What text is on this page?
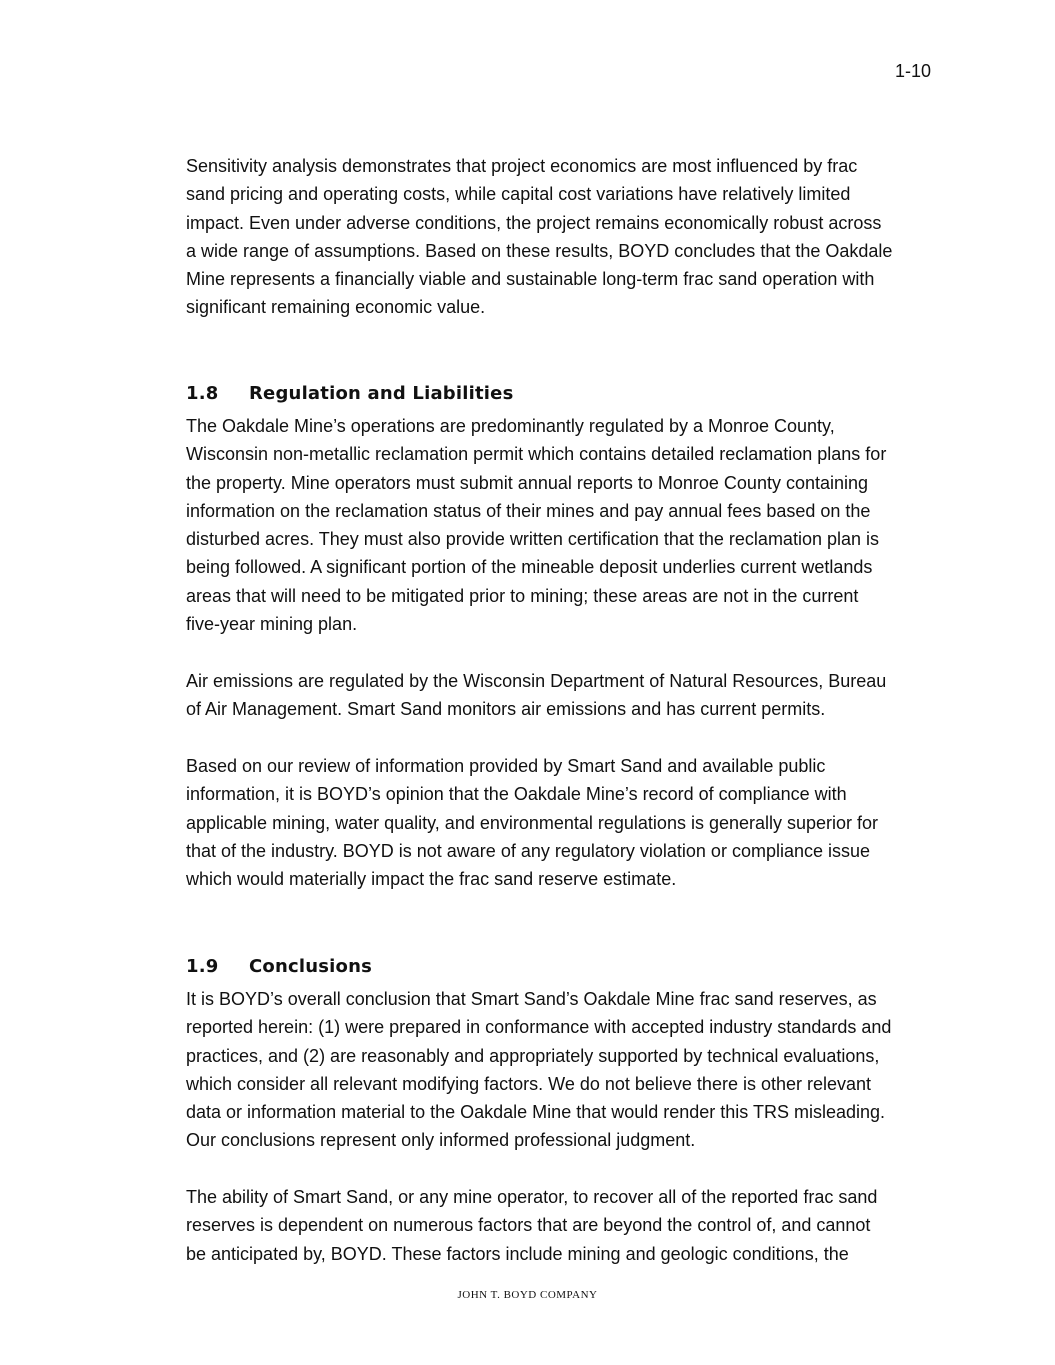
1-10
Sensitivity analysis demonstrates that project economics are most influenced by frac
sand pricing and operating costs, while capital cost variations have relatively limited
impact. Even under adverse conditions, the project remains economically robust across
a wide range of assumptions. Based on these results, BOYD concludes that the Oakdale
Mine represents a financially viable and sustainable long-term frac sand operation with
significant remaining economic value.
1.8 Regulation and Liabilities
The Oakdale Mine’s operations are predominantly regulated by a Monroe County,
Wisconsin non-metallic reclamation permit which contains detailed reclamation plans for
the property. Mine operators must submit annual reports to Monroe County containing
information on the reclamation status of their mines and pay annual fees based on the
disturbed acres. They must also provide written certification that the reclamation plan is
being followed. A significant portion of the mineable deposit underlies current wetlands
areas that will need to be mitigated prior to mining; these areas are not in the current
five-year mining plan.
Air emissions are regulated by the Wisconsin Department of Natural Resources, Bureau
of Air Management. Smart Sand monitors air emissions and has current permits.
Based on our review of information provided by Smart Sand and available public
information, it is BOYD’s opinion that the Oakdale Mine’s record of compliance with
applicable mining, water quality, and environmental regulations is generally superior for
that of the industry. BOYD is not aware of any regulatory violation or compliance issue
which would materially impact the frac sand reserve estimate.
1.9 Conclusions
It is BOYD’s overall conclusion that Smart Sand’s Oakdale Mine frac sand reserves, as
reported herein: (1) were prepared in conformance with accepted industry standards and
practices, and (2) are reasonably and appropriately supported by technical evaluations,
which consider all relevant modifying factors. We do not believe there is other relevant
data or information material to the Oakdale Mine that would render this TRS misleading.
Our conclusions represent only informed professional judgment.
The ability of Smart Sand, or any mine operator, to recover all of the reported frac sand
reserves is dependent on numerous factors that are beyond the control of, and cannot
be anticipated by, BOYD. These factors include mining and geologic conditions, the
JOHN T. BOYD COMPANY
